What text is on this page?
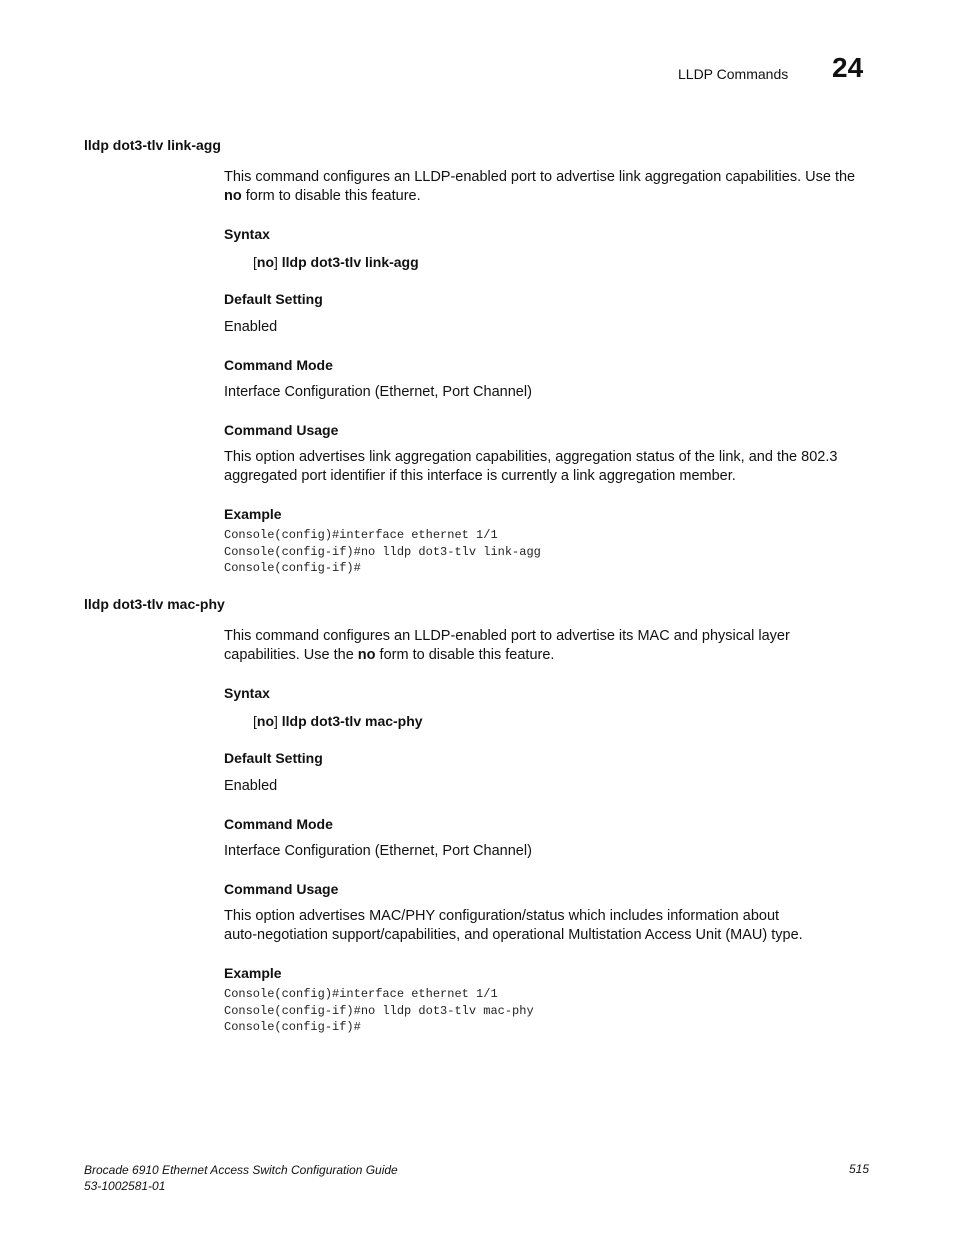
LLDP Commands 24
lldp dot3-tlv link-agg
This command configures an LLDP-enabled port to advertise link aggregation capabilities. Use the no form to disable this feature.
Syntax
[no] lldp dot3-tlv link-agg
Default Setting
Enabled
Command Mode
Interface Configuration (Ethernet, Port Channel)
Command Usage
This option advertises link aggregation capabilities, aggregation status of the link, and the 802.3
aggregated port identifier if this interface is currently a link aggregation member.
Example
Console(config)#interface ethernet 1/1
Console(config-if)#no lldp dot3-tlv link-agg
Console(config-if)#
lldp dot3-tlv mac-phy
This command configures an LLDP-enabled port to advertise its MAC and physical layer
capabilities. Use the no form to disable this feature.
Syntax
[no] lldp dot3-tlv mac-phy
Default Setting
Enabled
Command Mode
Interface Configuration (Ethernet, Port Channel)
Command Usage
This option advertises MAC/PHY configuration/status which includes information about
auto-negotiation support/capabilities, and operational Multistation Access Unit (MAU) type.
Example
Console(config)#interface ethernet 1/1
Console(config-if)#no lldp dot3-tlv mac-phy
Console(config-if)#
Brocade 6910 Ethernet Access Switch Configuration Guide
53-1002581-01
515
